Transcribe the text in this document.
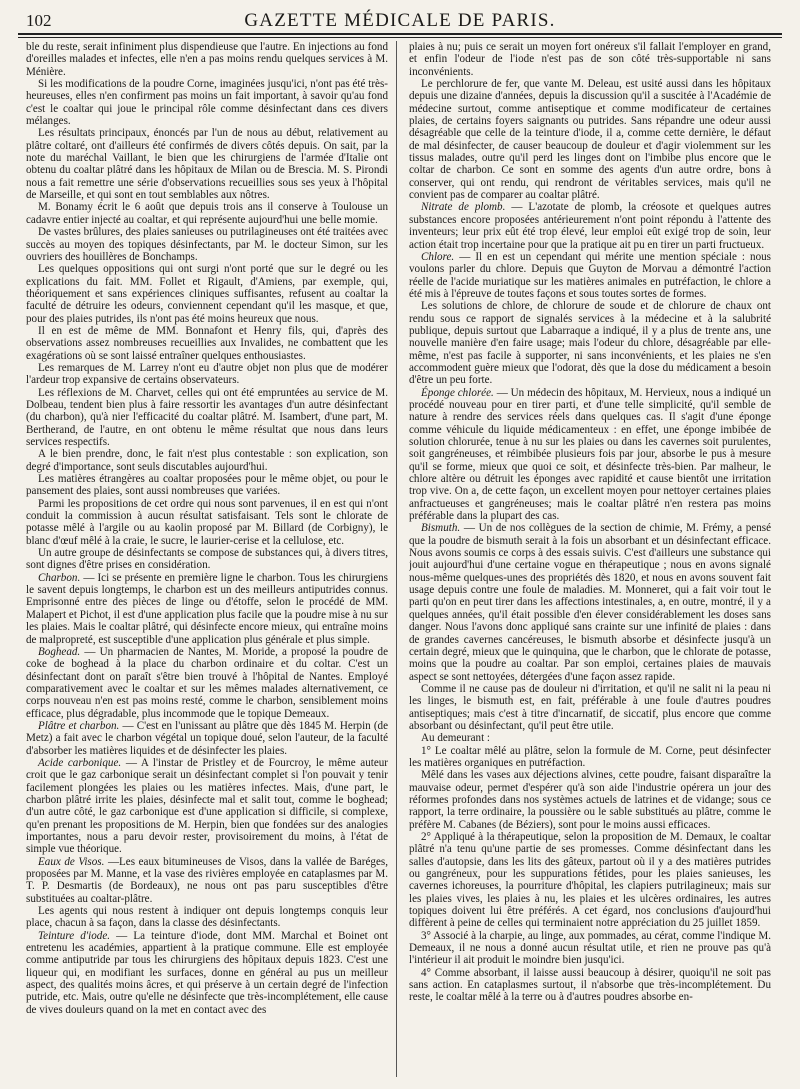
102	GAZETTE MÉDICALE DE PARIS.

ble du reste, serait infiniment plus dispendieuse que l'autre. En injections au fond d'oreilles malades et infectes, elle n'en a pas moins rendu quelques services à M. Ménière.

Si les modifications de la poudre Corne, imaginées jusqu'ici, n'ont pas été très-heureuses, elles n'en confirment pas moins un fait important, à savoir qu'au fond c'est le coaltar qui joue le principal rôle comme désinfectant dans ces divers mélanges.

Les résultats principaux, énoncés par l'un de nous au début, relativement au plâtre coltaré, ont d'ailleurs été confirmés de divers côtés depuis. On sait, par la note du maréchal Vaillant, le bien que les chirurgiens de l'armée d'Italie ont obtenu du coaltar plâtré dans les hôpitaux de Milan ou de Brescia. M. S. Pirondi nous a fait remettre une série d'observations recueillies sous ses yeux à l'hôpital de Marseille, et qui sont en tout semblables aux nôtres.

M. Bonamy écrit le 6 août que depuis trois ans il conserve à Toulouse un cadavre entier injecté au coaltar, et qui représente aujourd'hui une belle momie.

De vastes brûlures, des plaies sanieuses ou putrilagineuses ont été traitées avec succès au moyen des topiques désinfectants, par M. le docteur Simon, sur les ouvriers des houillères de Bonchamps.

Les quelques oppositions qui ont surgi n'ont porté que sur le degré ou les explications du fait. MM. Follet et Rigault, d'Amiens, par exemple, qui, théoriquement et sans expériences cliniques suffisantes, refusent au coaltar la faculté de détruire les odeurs, conviennent cependant qu'il les masque, et que, pour des plaies putrides, ils n'ont pas été moins heureux que nous.

Il en est de même de MM. Bonnafont et Henry fils, qui, d'après des observations assez nombreuses recueillies aux Invalides, ne combattent que les exagérations où se sont laissé entraîner quelques enthousiastes.

Les remarques de M. Larrey n'ont eu d'autre objet non plus que de modérer l'ardeur trop expansive de certains observateurs.

Les réflexions de M. Charvet, celles qui ont été empruntées au service de M. Dolbeau, tendent bien plus à faire ressortir les avantages d'un autre désinfectant (du charbon), qu'à nier l'efficacité du coaltar plâtré. M. Isambert, d'une part, M. Bertherand, de l'autre, en ont obtenu le même résultat que nous dans leurs services respectifs.

A le bien prendre, donc, le fait n'est plus contestable : son explication, son degré d'importance, sont seuls discutables aujourd'hui.

Les matières étrangères au coaltar proposées pour le même objet, ou pour le pansement des plaies, sont aussi nombreuses que variées.

Parmi les propositions de cet ordre qui nous sont parvenues, il en est qui n'ont conduit la commission à aucun résultat satisfaisant. Tels sont le chlorate de potasse mêlé à l'argile ou au kaolin proposé par M. Billard (de Corbigny), le blanc d'œuf mêlé à la craie, le sucre, le laurier-cerise et la cellulose, etc.

Un autre groupe de désinfectants se compose de substances qui, à divers titres, sont dignes d'être prises en considération.

Charbon. — Ici se présente en première ligne le charbon. Tous les chirurgiens le savent depuis longtemps, le charbon est un des meilleurs antiputrides connus. Emprisonné entre des pièces de linge ou d'étoffe, selon le procédé de MM. Malapert et Pichot, il est d'une application plus facile que la poudre mise à nu sur les plaies. Mais le coaltar plâtré, qui désinfecte encore mieux, qui entraîne moins de malpropreté, est susceptible d'une application plus générale et plus simple.

Boghead. — Un pharmacien de Nantes, M. Moride, a proposé la poudre de coke de boghead à la place du charbon ordinaire et du coltar. C'est un désinfectant dont on paraît s'être bien trouvé à l'hôpital de Nantes. Employé comparativement avec le coaltar et sur les mêmes malades alternativement, ce corps nouveau n'en est pas moins resté, comme le charbon, sensiblement moins efficace, plus dégradable, plus incommode que le topique Demeaux.

Plâtre et charbon. — C'est en l'unissant au plâtre que dès 1845 M. Herpin (de Metz) a fait avec le charbon végétal un topique doué, selon l'auteur, de la faculté d'absorber les matières liquides et de désinfecter les plaies.

Acide carbonique. — A l'instar de Pristley et de Fourcroy, le même auteur croit que le gaz carbonique serait un désinfectant complet si l'on pouvait y tenir facilement plongées les plaies ou les matières infectes. Mais, d'une part, le charbon plâtré irrite les plaies, désinfecte mal et salit tout, comme le boghead; d'un autre côté, le gaz carbonique est d'une application si difficile, si complexe, qu'en prenant les propositions de M. Herpin, bien que fondées sur des analogies importantes, nous a paru devoir rester, provisoirement du moins, à l'état de simple vue théorique.

Eaux de Visos. —Les eaux bitumineuses de Visos, dans la vallée de Baréges, proposées par M. Manne, et la vase des rivières employée en cataplasmes par M. T. P. Desmartis (de Bordeaux), ne nous ont pas paru susceptibles d'être substituées au coaltar-plâtre.

Les agents qui nous restent à indiquer ont depuis longtemps conquis leur place, chacun à sa façon, dans la classe des désinfectants.

Teinture d'iode. — La teinture d'iode, dont MM. Marchal et Boinet ont entretenu les académies, appartient à la pratique commune. Elle est employée comme antiputride par tous les chirurgiens des hôpitaux depuis 1823. C'est une liqueur qui, en modifiant les surfaces, donne en général au pus un meilleur aspect, des qualités moins âcres, et qui préserve à un certain degré de l'infection putride, etc. Mais, outre qu'elle ne désinfecte que très-incomplétement, elle cause de vives douleurs quand on la met en contact avec des

plaies à nu; puis ce serait un moyen fort onéreux s'il fallait l'employer en grand, et enfin l'odeur de l'iode n'est pas de son côté très-supportable ni sans inconvénients.

Le perchlorure de fer, que vante M. Deleau, est usité aussi dans les hôpitaux depuis une dizaine d'années, depuis la discussion qu'il a suscitée à l'Académie de médecine surtout, comme antiseptique et comme modificateur de certaines plaies, de certains foyers saignants ou putrides. Sans répandre une odeur aussi désagréable que celle de la teinture d'iode, il a, comme cette dernière, le défaut de mal désinfecter, de causer beaucoup de douleur et d'agir violemment sur les tissus malades, outre qu'il perd les linges dont on l'imbibe plus encore que le coltar de charbon. Ce sont en somme des agents d'un autre ordre, bons à conserver, qui ont rendu, qui rendront de véritables services, mais qu'il ne convient pas de comparer au coaltar plâtré.

Nitrate de plomb. — L'azotate de plomb, la créosote et quelques autres substances encore proposées antérieurement n'ont point répondu à l'attente des inventeurs; leur prix eût été trop élevé, leur emploi eût exigé trop de soin, leur action était trop incertaine pour que la pratique ait pu en tirer un parti fructueux.

Chlore. — Il en est un cependant qui mérite une mention spéciale : nous voulons parler du chlore. Depuis que Guyton de Morvau a démontré l'action réelle de l'acide muriatique sur les matières animales en putréfaction, le chlore a été mis à l'épreuve de toutes façons et sous toutes sortes de formes.

Les solutions de chlore, de chlorure de soude et de chlorure de chaux ont rendu sous ce rapport de signalés services à la médecine et à la salubrité publique, depuis surtout que Labarraque a indiqué, il y a plus de trente ans, une nouvelle manière d'en faire usage; mais l'odeur du chlore, désagréable par elle-même, n'est pas facile à supporter, ni sans inconvénients, et les plaies ne s'en accommodent guère mieux que l'odorat, dès que la dose du médicament a besoin d'être un peu forte.

Éponge chlorée. — Un médecin des hôpitaux, M. Hervieux, nous a indiqué un procédé nouveau pour en tirer parti, et d'une telle simplicité, qu'il semble de nature à rendre des services réels dans quelques cas. Il s'agit d'une éponge comme véhicule du liquide médicamenteux : en effet, une éponge imbibée de solution chlorurée, tenue à nu sur les plaies ou dans les cavernes soit purulentes, soit gangréneuses, et réimbibée plusieurs fois par jour, absorbe le pus à mesure qu'il se forme, mieux que quoi ce soit, et désinfecte très-bien. Par malheur, le chlore altère ou détruit les éponges avec rapidité et cause bientôt une irritation trop vive. On a, de cette façon, un excellent moyen pour nettoyer certaines plaies anfractueuses et gangréneuses; mais le coaltar plâtré n'en restera pas moins préférable dans la plupart des cas.

Bismuth. — Un de nos collègues de la section de chimie, M. Frémy, a pensé que la poudre de bismuth serait à la fois un absorbant et un désinfectant efficace. Nous avons soumis ce corps à des essais suivis. C'est d'ailleurs une substance qui jouit aujourd'hui d'une certaine vogue en thérapeutique ; nous en avons signalé nous-même quelques-unes des propriétés dès 1820, et nous en avons souvent fait usage depuis contre une foule de maladies. M. Monneret, qui a fait voir tout le parti qu'on en peut tirer dans les affections intestinales, a, en outre, montré, il y a quelques années, qu'il était possible d'en élever considérablement les doses sans danger. Nous l'avons donc appliqué sans crainte sur une infinité de plaies : dans de grandes cavernes cancéreuses, le bismuth absorbe et désinfecte jusqu'à un certain degré, mieux que le quinquina, que le charbon, que le chlorate de potasse, moins que la poudre au coaltar. Par son emploi, certaines plaies de mauvais aspect se sont nettoyées, détergées d'une façon assez rapide.

Comme il ne cause pas de douleur ni d'irritation, et qu'il ne salit ni la peau ni les linges, le bismuth est, en fait, préférable à une foule d'autres poudres antiseptiques; mais c'est à titre d'incarnatif, de siccatif, plus encore que comme absorbant ou désinfectant, qu'il peut être utile.

Au demeurant :

1° Le coaltar mêlé au plâtre, selon la formule de M. Corne, peut désinfecter les matières organiques en putréfaction.

Mêlé dans les vases aux déjections alvines, cette poudre, faisant disparaître la mauvaise odeur, permet d'espérer qu'à son aide l'industrie opérera un jour des réformes profondes dans nos systèmes actuels de latrines et de vidange; sous ce rapport, la terre ordinaire, la poussière ou le sable substitués au plâtre, comme le préfère M. Cabanes (de Béziers), sont pour le moins aussi efficaces.

2° Appliqué à la thérapeutique, selon la proposition de M. Demaux, le coaltar plâtré n'a tenu qu'une partie de ses promesses. Comme désinfectant dans les salles d'autopsie, dans les lits des gâteux, partout où il y a des matières putrides ou gangréneux, pour les suppurations fétides, pour les plaies sanieuses, les cavernes ichoreuses, la pourriture d'hôpital, les clapiers putrilagineux; mais sur les plaies vives, les plaies à nu, les plaies et les ulcères ordinaires, les autres topiques doivent lui être préférés. A cet égard, nos conclusions d'aujourd'hui diffèrent à peine de celles qui terminaient notre appréciation du 25 juillet 1859.

3° Associé à la charpie, au linge, aux pommades, au cérat, comme l'indique M. Demeaux, il ne nous a donné aucun résultat utile, et rien ne prouve pas qu'à l'intérieur il ait produit le moindre bien jusqu'ici.

4° Comme absorbant, il laisse aussi beaucoup à désirer, quoiqu'il ne soit pas sans action. En cataplasmes surtout, il n'absorbe que très-incomplétement. Du reste, le coaltar mêlé à la terre ou à d'autres poudres absorbe en-
